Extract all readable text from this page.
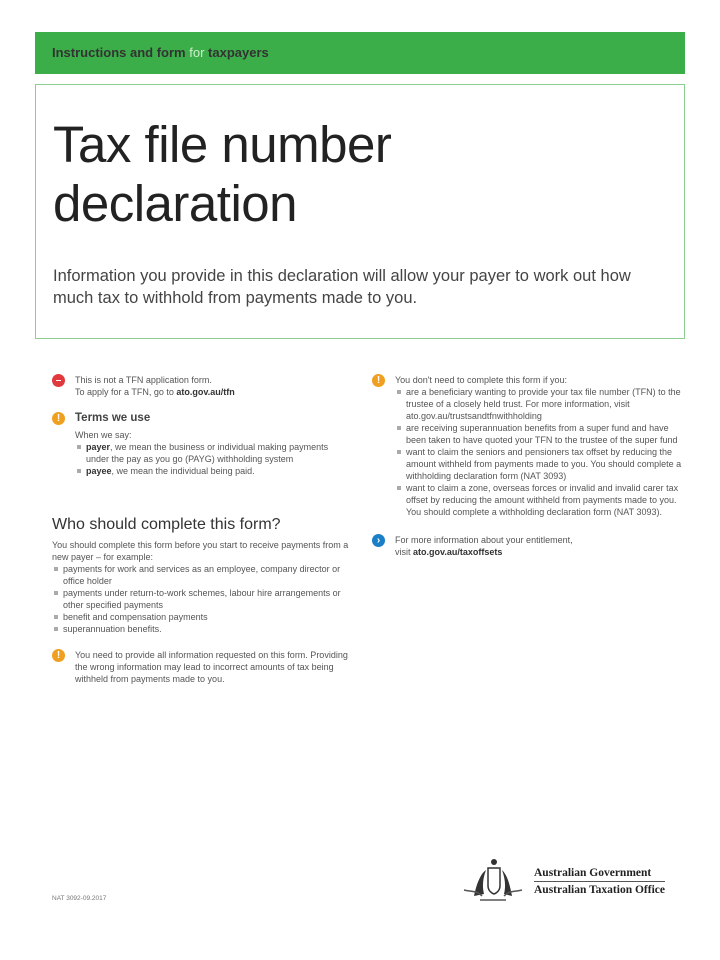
Instructions and form for taxpayers
Tax file number
declaration

Information you provide in this declaration will allow your payer to work out how much tax to withhold from payments made to you.

–	This is not a TFN application form.
To apply for a TFN, go to ato.gov.au/tfn
!	Terms we use
When we say:
payer, we mean the business or individual making payments under the pay as you go (PAYG) withholding system
payee, we mean the individual being paid.
Who should complete this form?
You should complete this form before you start to receive payments from a new payer – for example:
payments for work and services as an employee, company director or office holder
payments under return-to-work schemes, labour hire arrangements or other specified payments
benefit and compensation payments
superannuation benefits.
!	You need to provide all information requested on this form. Providing the wrong information may lead to incorrect amounts of tax being withheld from payments made to you.
!	You don't need to complete this form if you:
are a beneficiary wanting to provide your tax file number (TFN) to the trustee of a closely held trust. For more information, visit ato.gov.au/trustsandtfnwithholding
are receiving superannuation benefits from a super fund and have been taken to have quoted your TFN to the trustee of the super fund
want to claim the seniors and pensioners tax offset by reducing the amount withheld from payments made to you. You should complete a withholding declaration form (NAT 3093)
want to claim a zone, overseas forces or invalid and invalid carer tax offset by reducing the amount withheld from payments made to you. You should complete a withholding declaration form (NAT 3093).
›	For more information about your entitlement,
visit ato.gov.au/taxoffsets
NAT 3092-09.2017
Australian Government
Australian Taxation Office
